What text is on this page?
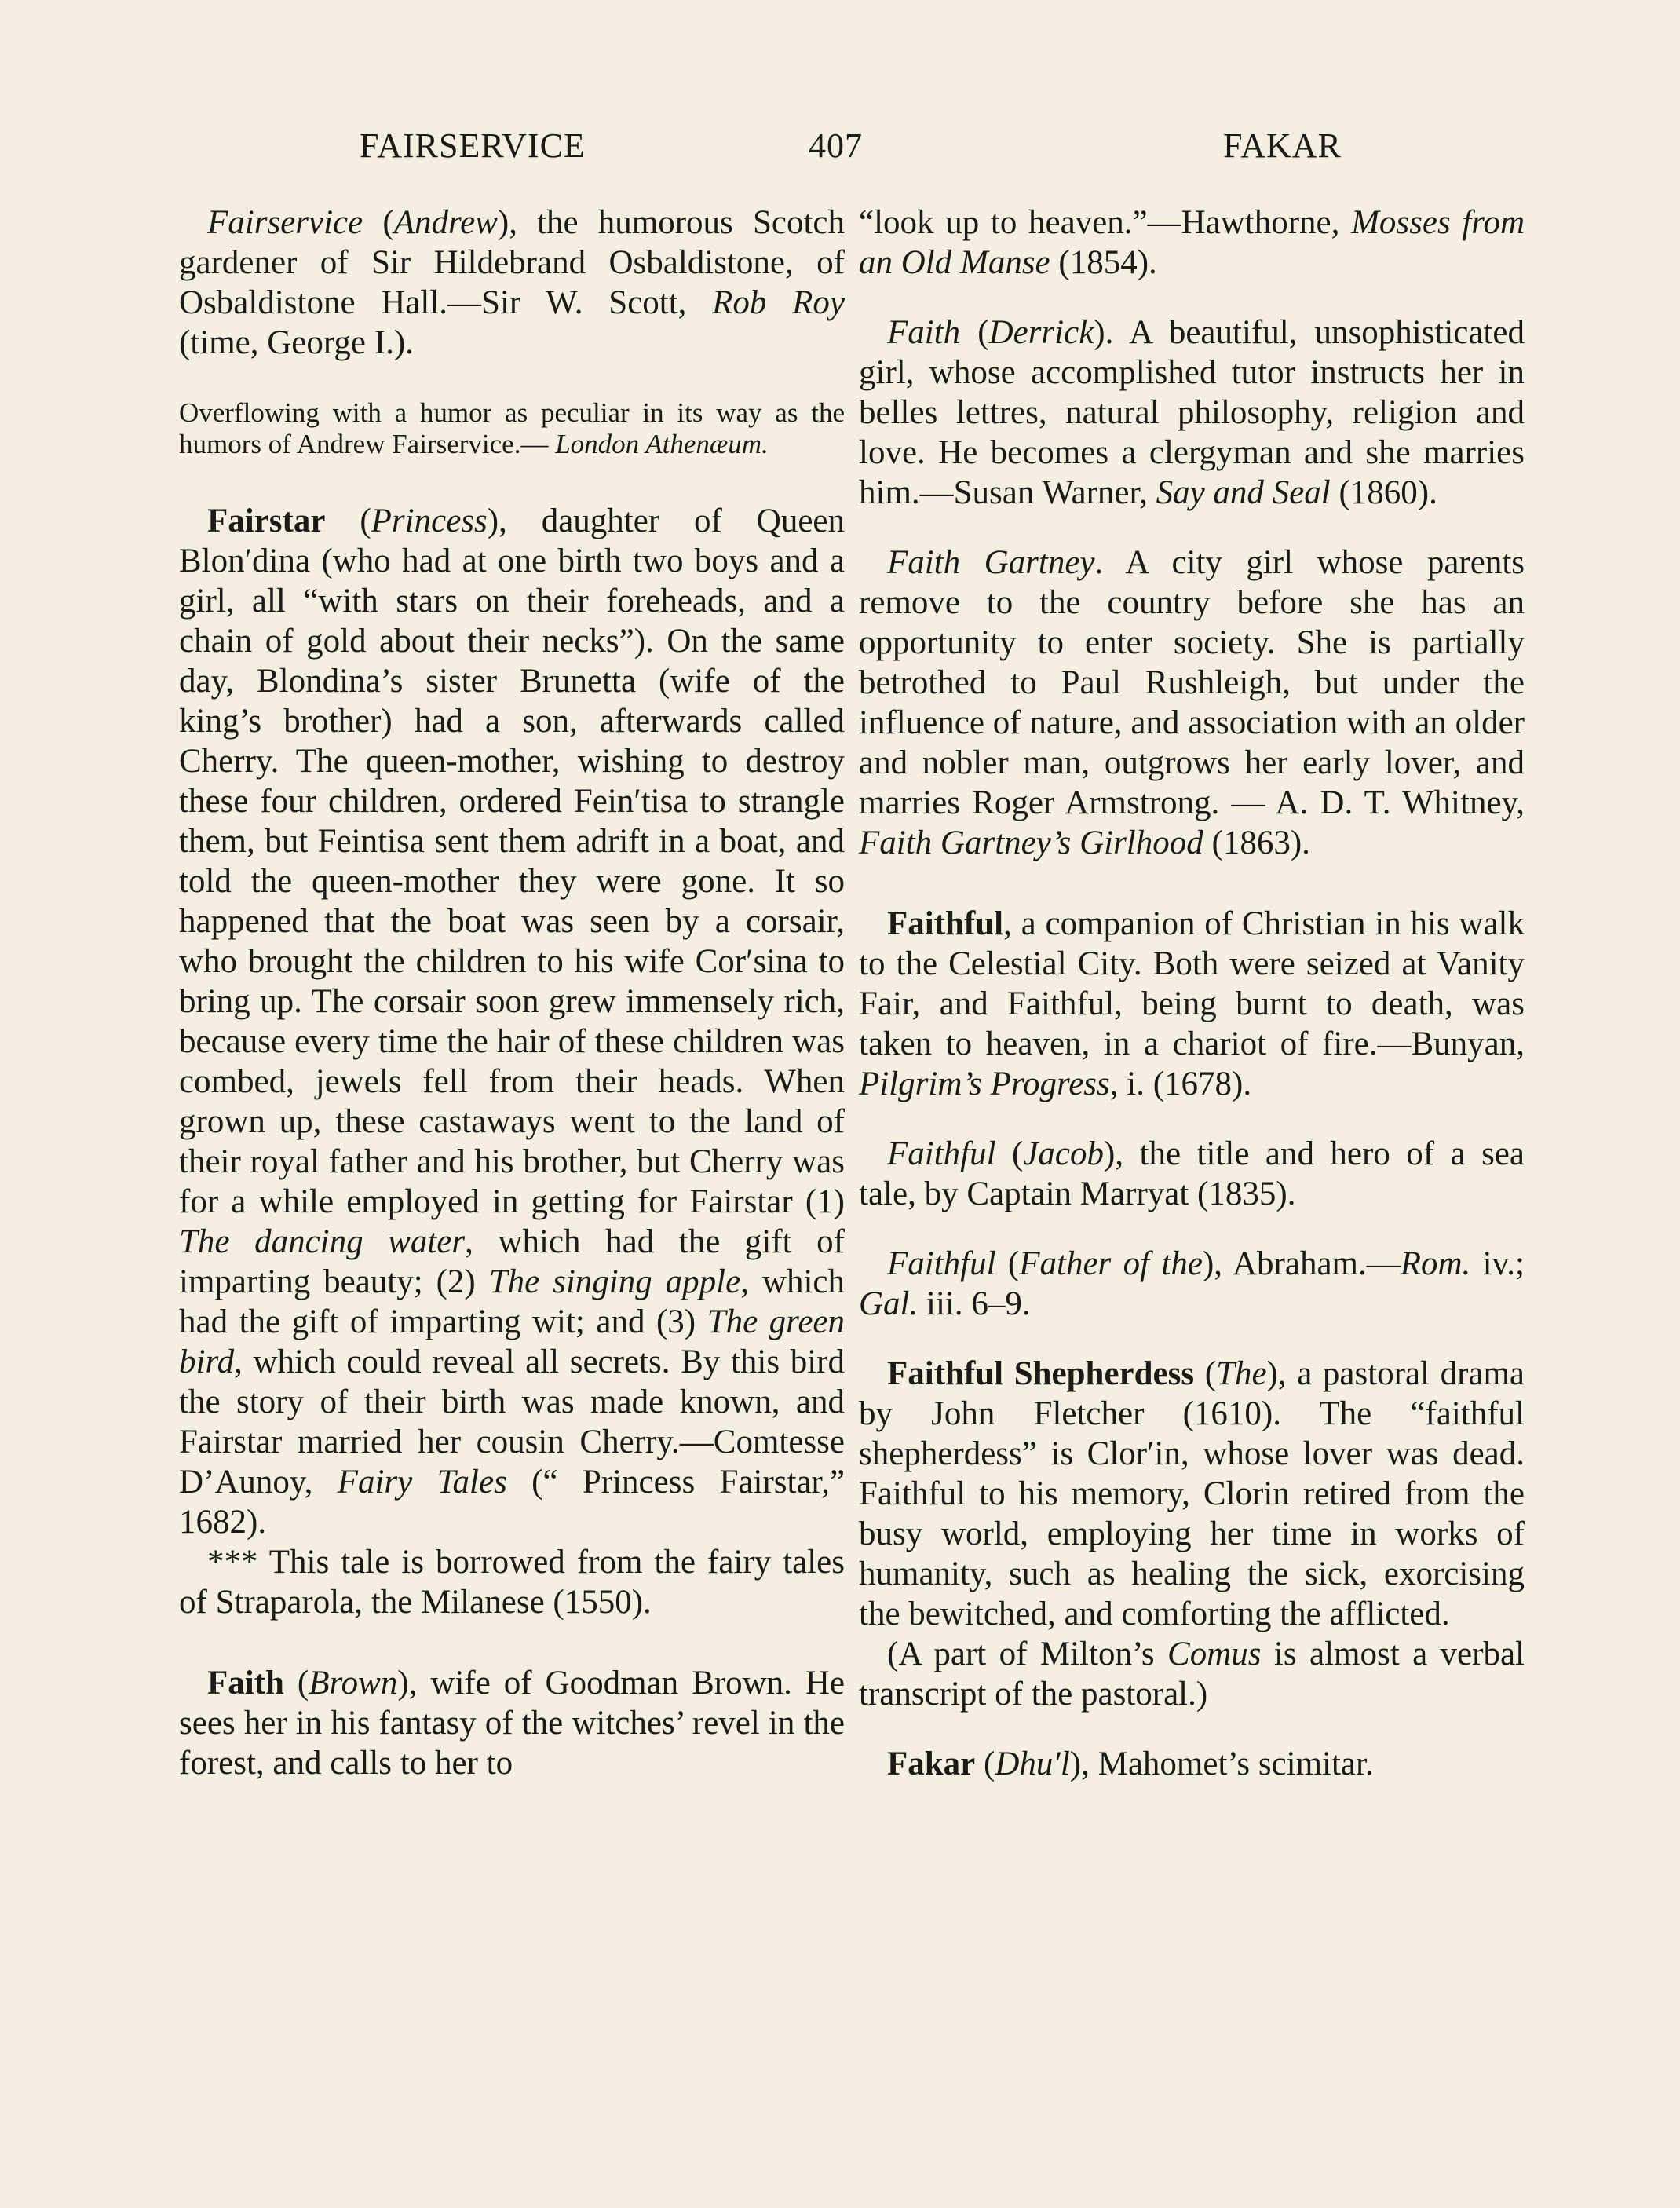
FAIRSERVICE	407	FAKAR

Fairservice (Andrew), the humorous Scotch gardener of Sir Hildebrand Osbaldistone, of Osbaldistone Hall.—Sir W. Scott, Rob Roy (time, George I.).

Overflowing with a humor as peculiar in its way as the humors of Andrew Fairservice.— London Athenæum.

Fairstar (Princess), daughter of Queen Blon′dina (who had at one birth two boys and a girl, all “with stars on their foreheads, and a chain of gold about their necks”). On the same day, Blondina’s sister Brunetta (wife of the king’s brother) had a son, afterwards called Cherry. The queen-mother, wishing to destroy these four children, ordered Fein′tisa to strangle them, but Feintisa sent them adrift in a boat, and told the queen-mother they were gone. It so happened that the boat was seen by a corsair, who brought the children to his wife Cor′sina to bring up. The corsair soon grew immensely rich, because every time the hair of these children was combed, jewels fell from their heads. When grown up, these castaways went to the land of their royal father and his brother, but Cherry was for a while employed in getting for Fairstar (1) The dancing water, which had the gift of imparting beauty; (2) The singing apple, which had the gift of imparting wit; and (3) The green bird, which could reveal all secrets. By this bird the story of their birth was made known, and Fairstar married her cousin Cherry.—Comtesse D’Aunoy, Fairy Tales (“ Princess Fairstar,” 1682).

*** This tale is borrowed from the fairy tales of Straparola, the Milanese (1550).

Faith (Brown), wife of Goodman Brown. He sees her in his fantasy of the witches’ revel in the forest, and calls to her to

“look up to heaven.”—Hawthorne, Mosses from an Old Manse (1854).

Faith (Derrick). A beautiful, unsophisticated girl, whose accomplished tutor instructs her in belles lettres, natural philosophy, religion and love. He becomes a clergyman and she marries him.—Susan Warner, Say and Seal (1860).

Faith Gartney. A city girl whose parents remove to the country before she has an opportunity to enter society. She is partially betrothed to Paul Rushleigh, but under the influence of nature, and association with an older and nobler man, outgrows her early lover, and marries Roger Armstrong. — A. D. T. Whitney, Faith Gartney’s Girlhood (1863).

Faithful, a companion of Christian in his walk to the Celestial City. Both were seized at Vanity Fair, and Faithful, being burnt to death, was taken to heaven, in a chariot of fire.—Bunyan, Pilgrim’s Progress, i. (1678).

Faithful (Jacob), the title and hero of a sea tale, by Captain Marryat (1835).

Faithful (Father of the), Abraham.—Rom. iv.; Gal. iii. 6–9.

Faithful Shepherdess (The), a pastoral drama by John Fletcher (1610). The “faithful shepherdess” is Clor′in, whose lover was dead. Faithful to his memory, Clorin retired from the busy world, employing her time in works of humanity, such as healing the sick, exorcising the bewitched, and comforting the afflicted.

(A part of Milton’s Comus is almost a verbal transcript of the pastoral.)

Fakar (Dhu′l), Mahomet’s scimitar.
